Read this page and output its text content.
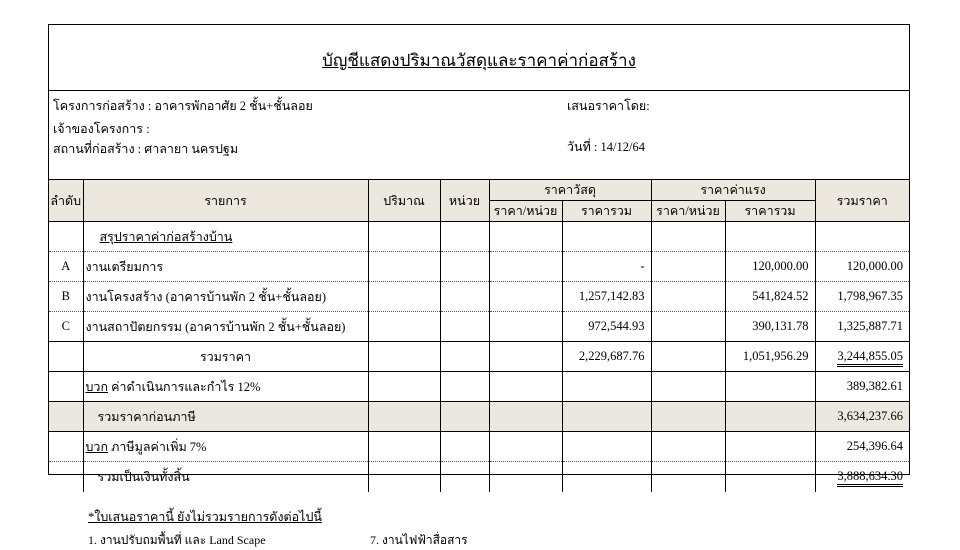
บัญชีแสดงปริมาณวัสดุและราคาค่าก่อสร้าง
โครงการก่อสร้าง : อาคารพักอาศัย 2 ชั้น+ชั้นลอย
เจ้าของโครงการ :
สถานที่ก่อสร้าง : ศาลายา นครปฐม
เสนอราคาโดย:
วันที่ : 14/12/64
ลำดับ	รายการ	ปริมาณ	หน่วย	ราคาวัสดุ		ราคาค่าแรง		รวมราคา
				ราคา/หน่วย	ราคารวม	ราคา/หน่วย	ราคารวม	
	สรุปราคาค่าก่อสร้างบ้าน							
A	งานเตรียมการ				-		120,000.00	120,000.00
B	งานโครงสร้าง (อาคารบ้านพัก 2 ชั้น+ชั้นลอย)				1,257,142.83		541,824.52	1,798,967.35
C	งานสถาปัตยกรรม (อาคารบ้านพัก 2 ชั้น+ชั้นลอย)				972,544.93		390,131.78	1,325,887.71
	รวมราคา				2,229,687.76		1,051,956.29	3,244,855.05
	บวก ค่าดำเนินการและกำไร 12%							389,382.61
	รวมราคาก่อนภาษี							3,634,237.66
	บวก ภาษีมูลค่าเพิ่ม 7%							254,396.64
	รวมเป็นเงินทั้งสิ้น							3,888,634.30
*ใบเสนอราคานี้ ยังไม่รวมรายการดังต่อไปนี้
1. งานปรับถมพื้นที่ และ Land Scape	7. งานไฟฟ้าสื่อสาร
